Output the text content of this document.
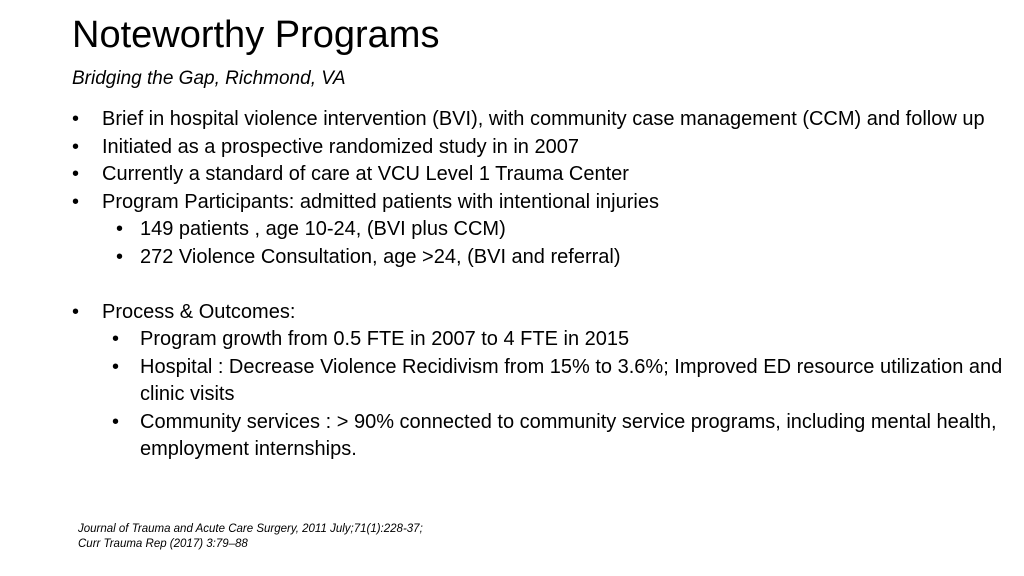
Noteworthy Programs
Bridging the Gap, Richmond, VA
• Brief in hospital violence intervention (BVI), with community case management (CCM) and follow up
• Initiated as a prospective randomized study in in 2007
• Currently a standard of care at VCU Level 1 Trauma Center
• Program Participants: admitted patients with intentional injuries
• 149 patients , age 10-24, (BVI plus CCM)
• 272 Violence Consultation, age >24, (BVI and referral)
• Process & Outcomes:
• Program growth from 0.5 FTE in 2007 to 4 FTE in 2015
• Hospital : Decrease Violence Recidivism from 15% to 3.6%; Improved ED resource utilization and clinic visits
• Community services : > 90% connected to community service programs, including mental health, employment internships.
Journal of Trauma and Acute Care Surgery, 2011 July;71(1):228-37;
Curr Trauma Rep (2017) 3:79–88
